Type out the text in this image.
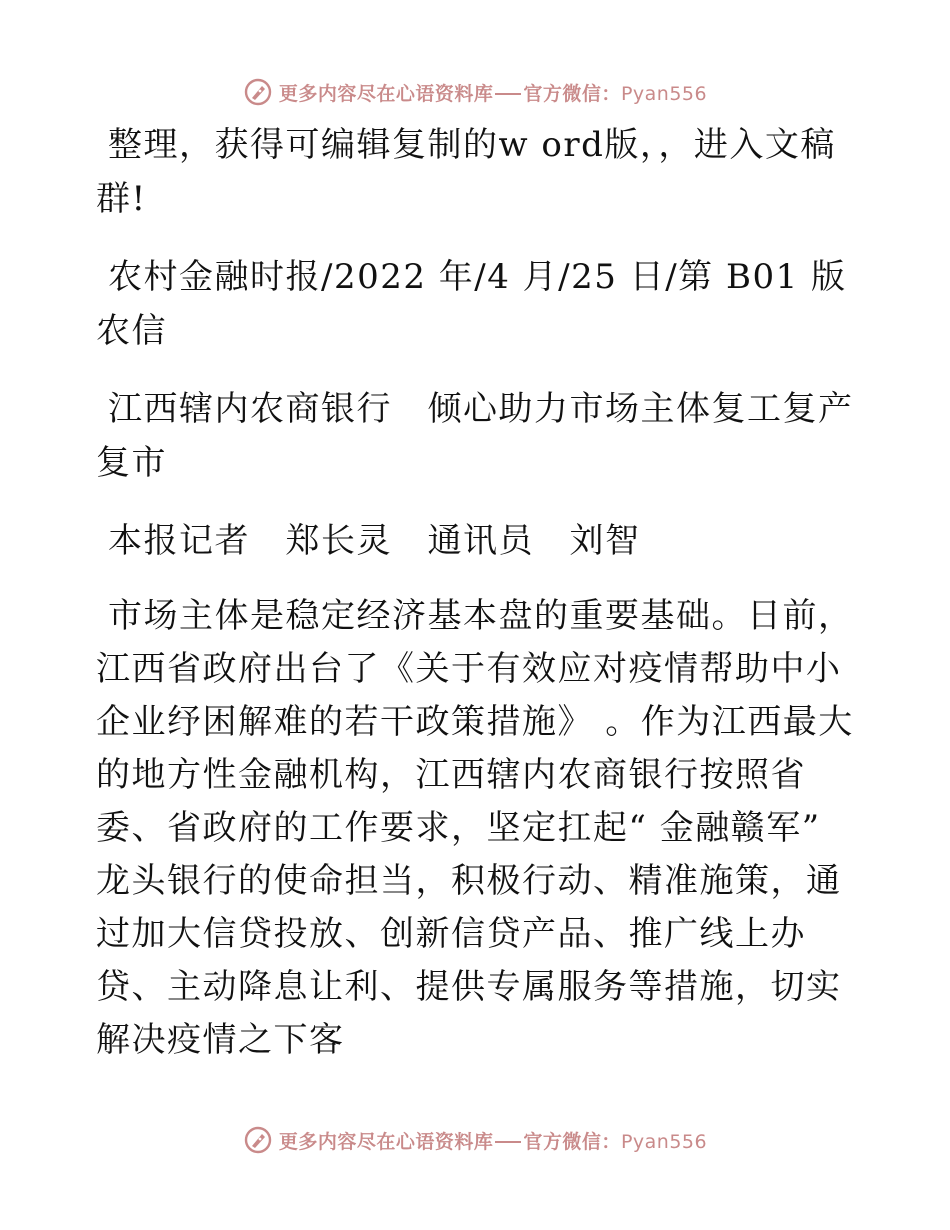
更多内容尽在心语资料库 官方微信：Pyan556

整理，获得可编辑复制的w ord版，，进入文稿群!

农村金融时报/2022 年/4 月/25 日/第 B01 版农信

江西辖内农商银行　倾心助力市场主体复工复产复市

本报记者　郑长灵　通讯员　刘智

市场主体是稳定经济基本盘的重要基础。日前，江西省政府出台了《关于有效应对疫情帮助中小企业纾困解难的若干政策措施》 。作为江西最大的地方性金融机构，江西辖内农商银行按照省委、省政府的工作要求，坚定扛起“ 金融赣军” 龙头银行的使命担当，积极行动、精准施策，通过加大信贷投放、创新信贷产品、推广线上办贷、主动降息让利、提供专属服务等措施，切实解决疫情之下客

更多内容尽在心语资料库 官方微信：Pyan556
